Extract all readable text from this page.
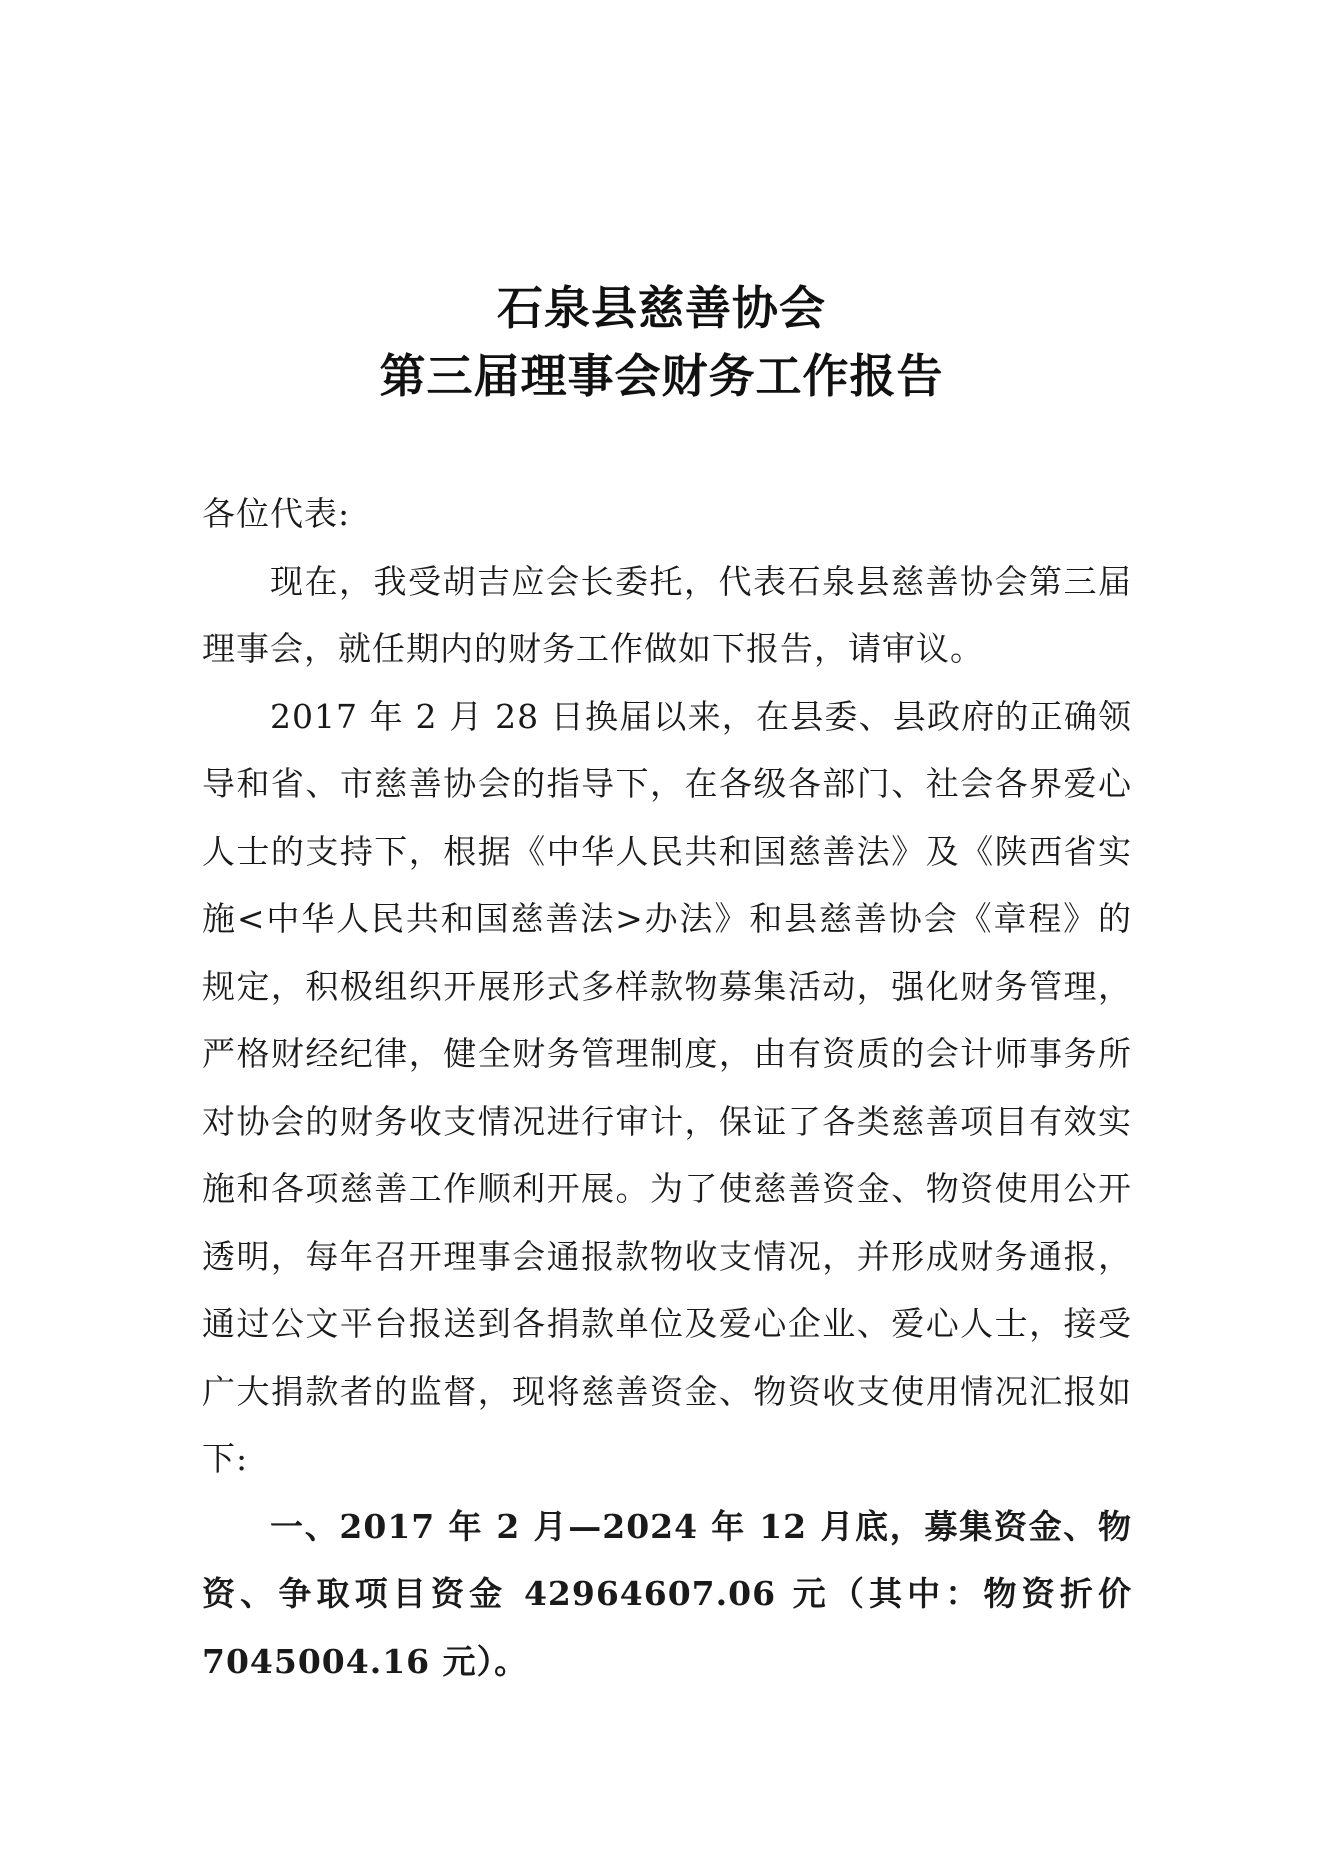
石泉县慈善协会
第三届理事会财务工作报告

各位代表:

现在，我受胡吉应会长委托，代表石泉县慈善协会第三届理事会，就任期内的财务工作做如下报告，请审议。

2017 年 2 月 28 日换届以来，在县委、县政府的正确领导和省、市慈善协会的指导下，在各级各部门、社会各界爱心人士的支持下，根据《中华人民共和国慈善法》及《陕西省实施<中华人民共和国慈善法>办法》和县慈善协会《章程》的规定，积极组织开展形式多样款物募集活动，强化财务管理，严格财经纪律，健全财务管理制度，由有资质的会计师事务所对协会的财务收支情况进行审计，保证了各类慈善项目有效实施和各项慈善工作顺利开展。为了使慈善资金、物资使用公开透明，每年召开理事会通报款物收支情况，并形成财务通报，通过公文平台报送到各捐款单位及爱心企业、爱心人士，接受广大捐款者的监督，现将慈善资金、物资收支使用情况汇报如下:

一、2017 年 2 月—2024 年 12 月底，募集资金、物资、争取项目资金 42964607.06 元（其中：物资折价 7045004.16 元）。
